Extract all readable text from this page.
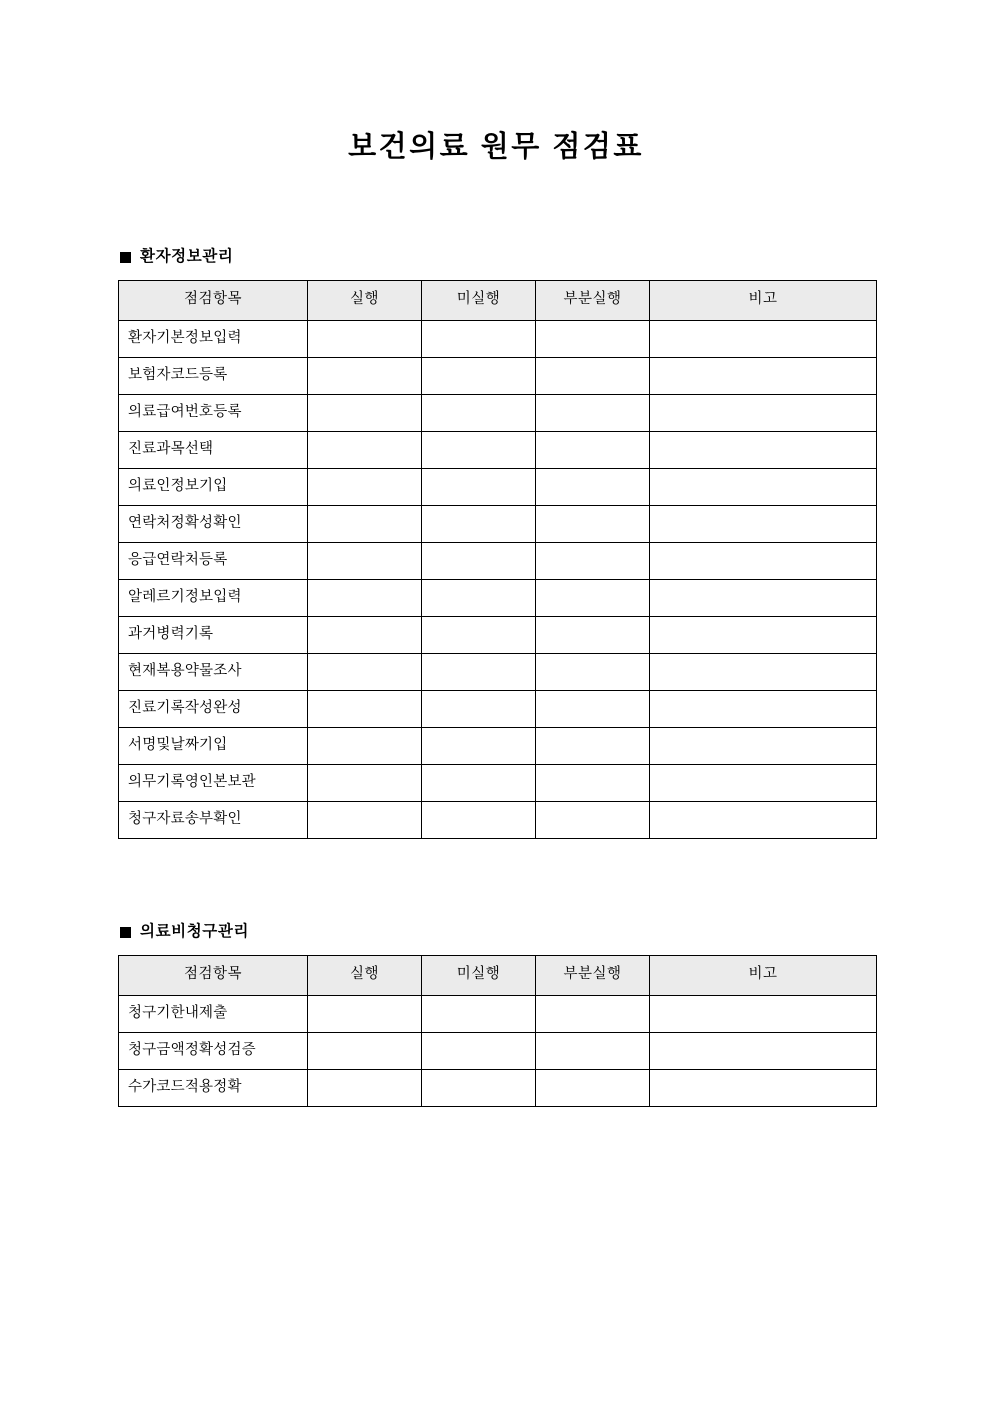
보건의료 원무 점검표
환자정보관리
점검항목	실행	미실행	부분실행	비고
환자기본정보입력				
보험자코드등록				
의료급여번호등록				
진료과목선택				
의료인정보기입				
연락처정확성확인				
응급연락처등록				
알레르기정보입력				
과거병력기록				
현재복용약물조사				
진료기록작성완성				
서명및날짜기입				
의무기록영인본보관				
청구자료송부확인				
의료비청구관리
점검항목	실행	미실행	부분실행	비고
청구기한내제출				
청구금액정확성검증				
수가코드적용정확				
